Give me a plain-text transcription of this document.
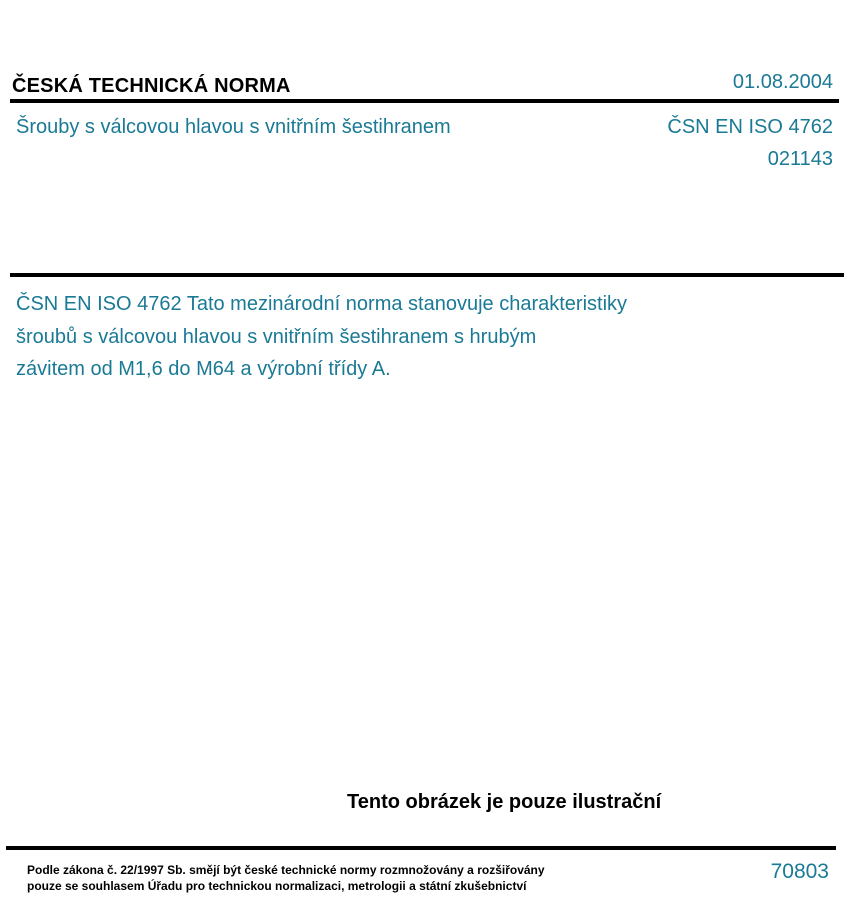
ČESKÁ TECHNICKÁ NORMA	01.08.2004
Šrouby s válcovou hlavou s vnitřním šestihranem	ČSN EN ISO 4762
021143
ČSN EN ISO 4762 Tato mezinárodní norma stanovuje charakteristiky
šroubů s válcovou hlavou s vnitřním šestihranem s hrubým
závitem od M1,6 do M64 a výrobní třídy A.
Tento obrázek je pouze ilustrační
Podle zákona č. 22/1997 Sb. smějí být české technické normy rozmnožovány a rozšiřovány
pouze se souhlasem Úřadu pro technickou normalizaci, metrologii a státní zkušebnictví
70803
